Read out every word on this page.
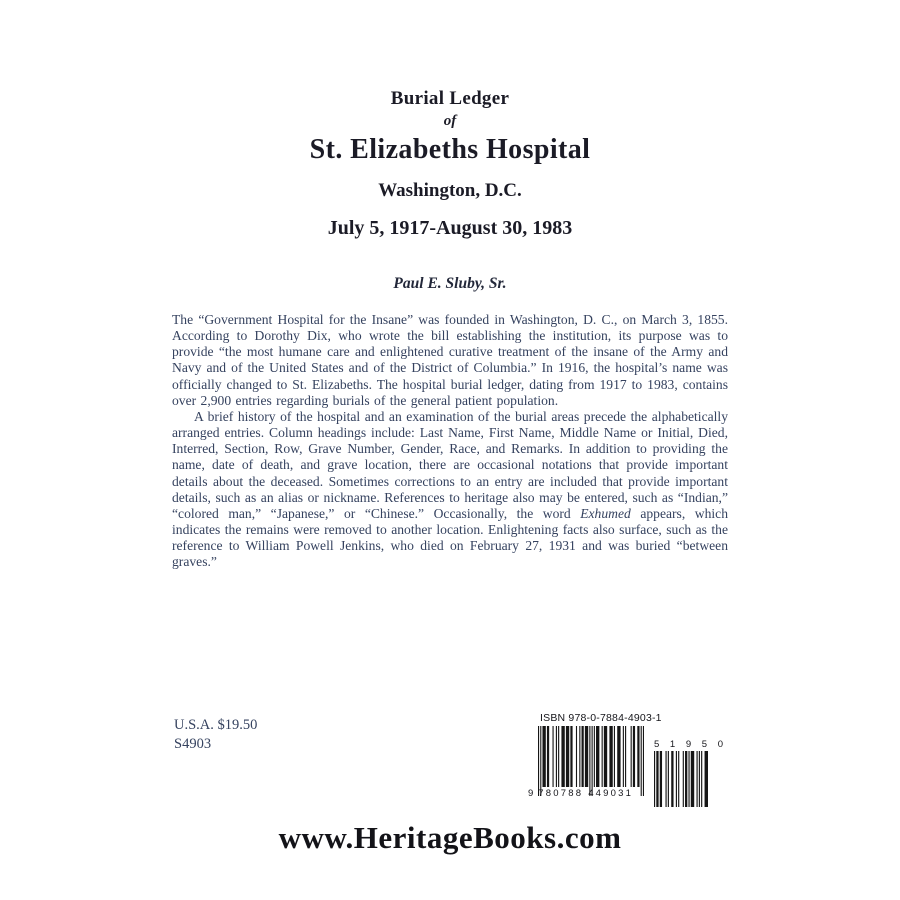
Burial Ledger
of
St. Elizabeths Hospital
Washington, D.C.
July 5, 1917-August 30, 1983
Paul E. Sluby, Sr.

The “Government Hospital for the Insane” was founded in Washington, D. C., on March 3, 1855. According to Dorothy Dix, who wrote the bill establishing the institution, its purpose was to provide “the most humane care and enlightened curative treatment of the insane of the Army and Navy and of the United States and of the District of Columbia.” In 1916, the hospital’s name was officially changed to St. Elizabeths. The hospital burial ledger, dating from 1917 to 1983, contains over 2,900 entries regarding burials of the general patient population.

A brief history of the hospital and an examination of the burial areas precede the alphabetically arranged entries. Column headings include: Last Name, First Name, Middle Name or Initial, Died, Interred, Section, Row, Grave Number, Gender, Race, and Remarks. In addition to providing the name, date of death, and grave location, there are occasional notations that provide important details about the deceased. Sometimes corrections to an entry are included that provide important details, such as an alias or nickname. References to heritage also may be entered, such as “Indian,” “colored man,” “Japanese,” or “Chinese.” Occasionally, the word Exhumed appears, which indicates the remains were removed to another location. Enlightening facts also surface, such as the reference to William Powell Jenkins, who died on February 27, 1931 and was buried “between graves.”

U.S.A. $19.50
S4903
ISBN 978-0-7884-4903-1
9 780788 449031
5 1 9 5 0
www.HeritageBooks.com
